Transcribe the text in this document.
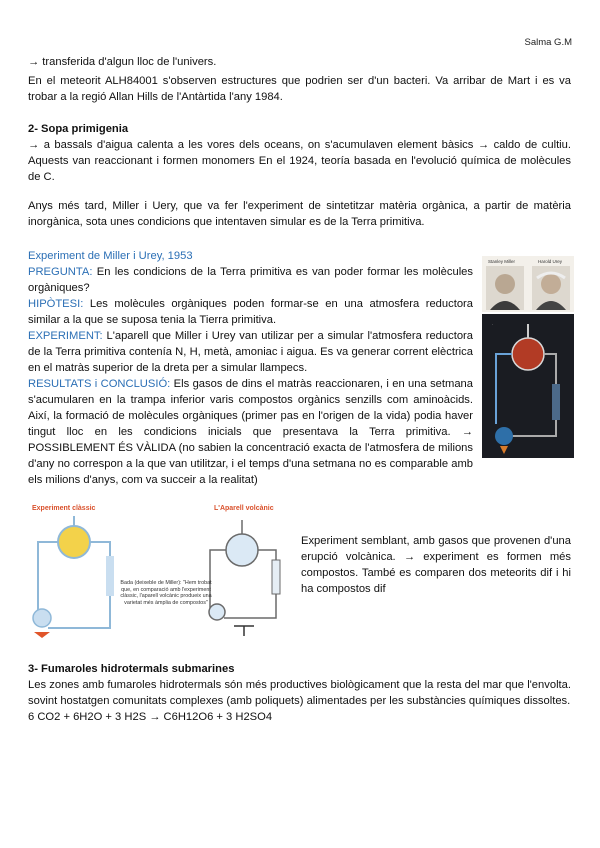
Salma G.M
→ transferida d'algun lloc de l'univers.
En el meteorit ALH84001 s'observen estructures que podrien ser d'un bacteri. Va arribar de Mart i es va trobar a la regió Allan Hills de l'Antàrtida l'any 1984.
2- Sopa primigenia
→ a bassals d'aigua calenta a les vores dels oceans, on s'acumulaven element bàsics → caldo de cultiu. Aquests van reaccionant i formen monomers En el 1924, teoría basada en l'evolució química de molècules de C.
Anys més tard, Miller i Uery, que va fer l'experiment de sintetitzar matèria orgànica, a partir de matèria inorgànica, sota unes condicions que intentaven simular es de la Terra primitiva.
Experiment de Miller i Urey, 1953
PREGUNTA: En les condicions de la Terra primitiva es van poder formar les molècules orgàniques?
HIPÒTESI: Les molècules orgàniques poden formar-se en una atmosfera reductora similar a la que se suposa tenia la Tierra primitiva.
EXPERIMENT: L'aparell que Miller i Urey van utilizar per a simular l'atmosfera reductora de la Terra primitiva contenía N, H, metà, amoniac i aigua. Es va generar corrent elèctrica en el matràs superior de la dreta per a simular llampecs.
RESULTATS i CONCLUSIÓ: Els gasos de dins el matràs reaccionaren, i en una setmana s'acumularen en la trampa inferior varis compostos orgànics senzills com aminoàcids. Així, la formació de molècules orgàniques (primer pas en l'origen de la vida) podia haver tingut lloc en les condicions inicials que presentava la Terra primitiva. → POSSIBLEMENT ÉS VÀLIDA (no sabien la concentració exacta de l'atmosfera de milions d'any no correspon a la que van utilitzar, i el temps d'una setmana no es comparable amb els milions d'anys, com va succeir a la realitat)
Stanley Miller	Harold Urey
·
Experiment clàssic	L'Aparell volcànic
Bada (deixeble de Miller): "Hem trobat que, en comparació amb l'experiment clàssic, l'aparell volcànic produeix una varietat més àmplia de compostos"
Experiment semblant, amb gasos que provenen d'una erupció volcànica. → experiment es formen més compostos. També es comparen dos meteorits dif i hi ha compostos dif
3- Fumaroles hidrotermals submarines
Les zones amb fumaroles hidrotermals són més productives biològicament que la resta del mar que l'envolta. sovint hostatgen comunitats complexes (amb poliquets) alimentades per les substàncies químiques dissoltes.
6 CO2 + 6H2O + 3 H2S → C6H12O6 + 3 H2SO4
